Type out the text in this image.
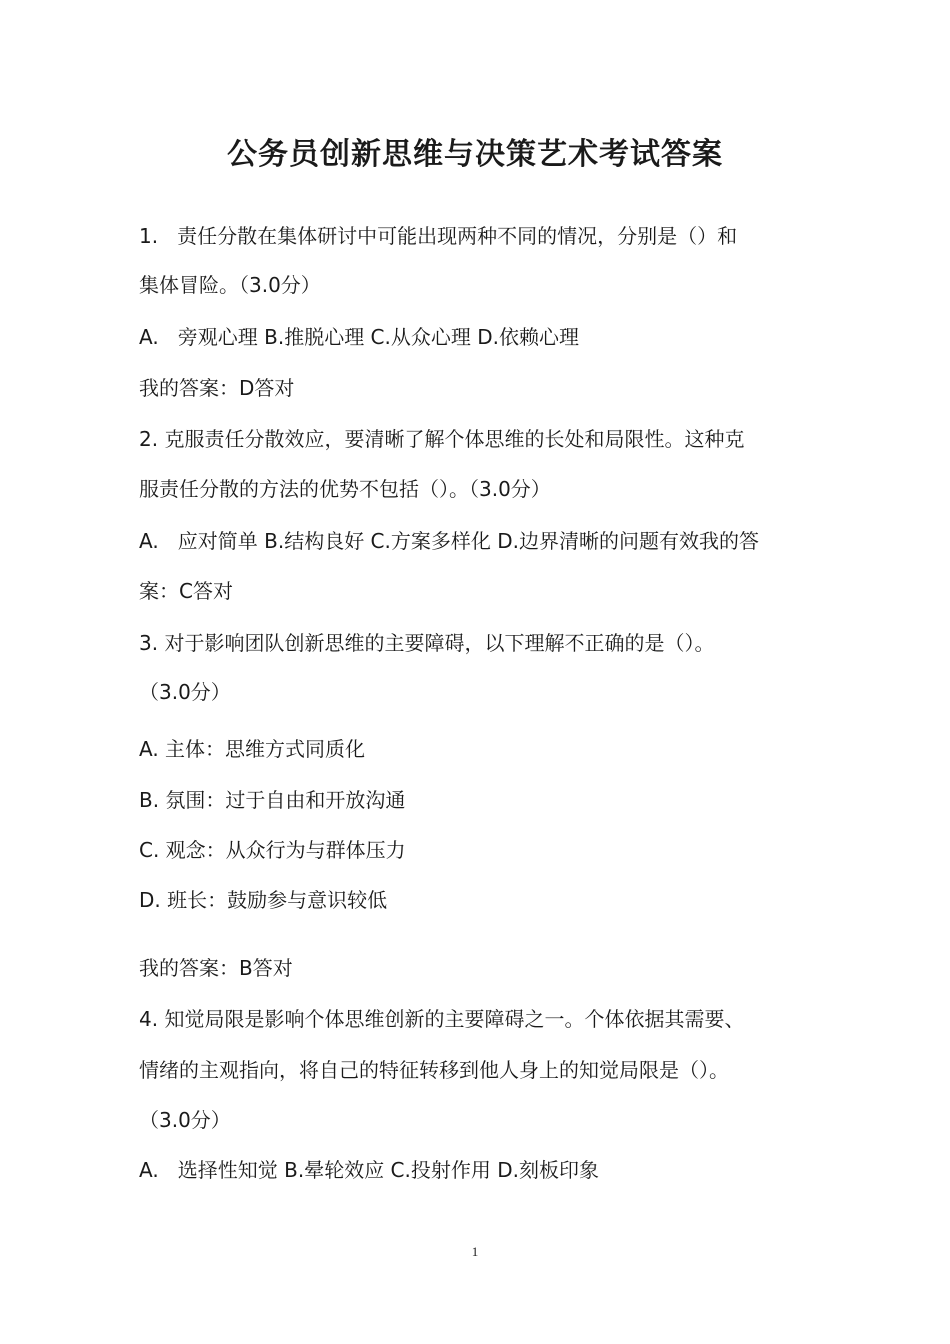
公务员创新思维与决策艺术考试答案
1.   责任分散在集体研讨中可能出现两种不同的情况，分别是（）和
集体冒险。（3.0分）
A.   旁观心理 B.推脱心理 C.从众心理 D.依赖心理
我的答案：D答对
2. 克服责任分散效应，要清晰了解个体思维的长处和局限性。这种克
服责任分散的方法的优势不包括（）。（3.0分）
A.   应对简单 B.结构良好 C.方案多样化 D.边界清晰的问题有效我的答
案：C答对
3. 对于影响团队创新思维的主要障碍，以下理解不正确的是（）。
（3.0分）
A. 主体：思维方式同质化
B. 氛围：过于自由和开放沟通
C. 观念：从众行为与群体压力
D. 班长：鼓励参与意识较低
我的答案：B答对
4. 知觉局限是影响个体思维创新的主要障碍之一。个体依据其需要、
情绪的主观指向，将自己的特征转移到他人身上的知觉局限是（）。
（3.0分）
A.   选择性知觉 B.晕轮效应 C.投射作用 D.刻板印象
1
